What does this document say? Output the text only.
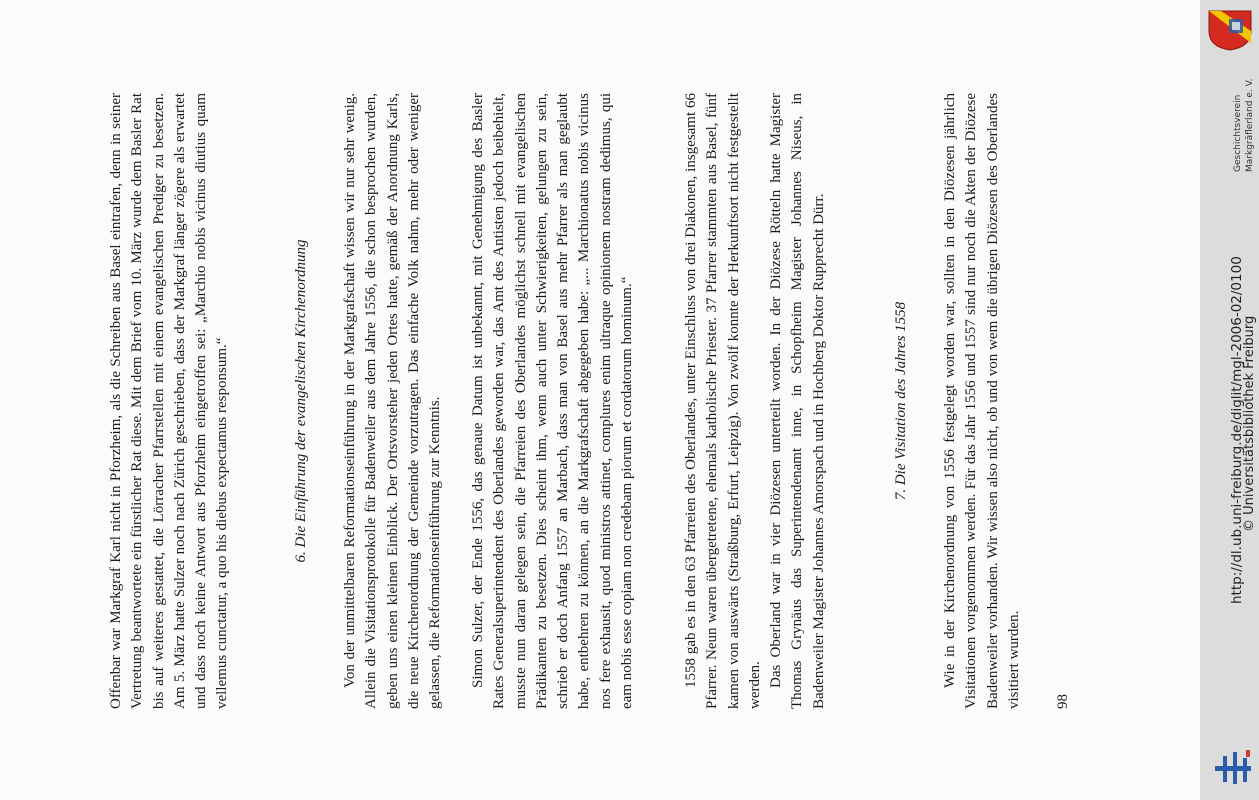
Offenbar war Markgraf Karl nicht in Pforzheim, als die Schreiben aus Basel eintrafen, denn in seiner Vertretung beantwortete ein fürstlicher Rat diese. Mit dem Brief vom 10. März wurde dem Basler Rat bis auf weiteres gestattet, die Lörracher Pfarrstellen mit einem evangelischen Prediger zu besetzen. Am 5. März hatte Sulzer noch nach Zürich geschrieben, dass der Markgraf länger zögere als erwartet und dass noch keine Antwort aus Pforzheim eingetroffen sei: „Marchio nobis vicinus diutius quam vellemus cunctatur, a quo his diebus expectamus responsum.“	6. Die Einführung der evangelischen Kirchenordnung Von der unmittelbaren Reformationseinführung in der Markgrafschaft wissen wir nur sehr wenig. Allein die Visitationsprotokolle für Badenweiler aus dem Jahre 1556, die schon besprochen wurden, geben uns einen kleinen Einblick. Der Ortsvorsteher jeden Ortes hatte, gemäß der Anordnung Karls, die neue Kirchenordnung der Gemeinde vorzutragen. Das einfache Volk nahm, mehr oder weniger gelassen, die Reformationseinführung zur Kenntnis. Simon Sulzer, der Ende 1556, das genaue Datum ist unbekannt, mit Genehmigung des Basler Rates Generalsuperintendent des Oberlandes geworden war, das Amt des Antisten jedoch beibehielt, musste nun daran gelegen sein, die Pfarreien des Oberlandes möglichst schnell mit evangelischen Prädikanten zu besetzen. Dies scheint ihm, wenn auch unter Schwierigkeiten, gelungen zu sein, schrieb er doch Anfang 1557 an Marbach, dass man von Basel aus mehr Pfarrer als man geglaubt habe, entbehren zu können, an die Markgrafschaft abgegeben habe: „... Marchionatus nobis vicinus nos fere exhausit, quod ministros attinet, complures enim ultraque opinionem nostram dedimus, qui eam nobis esse copiam non credebam piorum et cordatorum hominum.“	1558 gab es in den 63 Pfarreien des Oberlandes, unter Einschluss von drei Diakonen, insgesamt 66 Pfarrer. Neun waren übergetretene, ehemals katholische Priester. 37 Pfarrer stammten aus Basel, fünf kamen von auswärts (Straßburg, Erfurt, Leipzig). Von zwölf konnte der Herkunftsort nicht festgestellt werden. Das Oberland war in vier Diözesen unterteilt worden. In der Diözese Rötteln hatte Magister Thomas Grynäus das Superintendenamt inne, in Schopfheim Magister Johannes Niseus, in Badenweiler Magister Johannes Amorspach und in Hochberg Doktor Rupprecht Dürr.	7. Die Visitation des Jahres 1558 Wie in der Kirchenordnung von 1556 festgelegt worden war, sollten in den Diözesen jährlich Visitationen vorgenommen werden. Für das Jahr 1556 und 1557 sind nur noch die Akten der Diözese Badenweiler vorhanden. Wir wissen also nicht, ob und von wem die übrigen Diözesen des Oberlandes visitiert wurden. 98

http://dl.ub.uni-freiburg.de/diglit/mgl-2006-02/0100
© Universitätsbibliothek Freiburg
Geschichtsverein Markgräflerland e. V.
